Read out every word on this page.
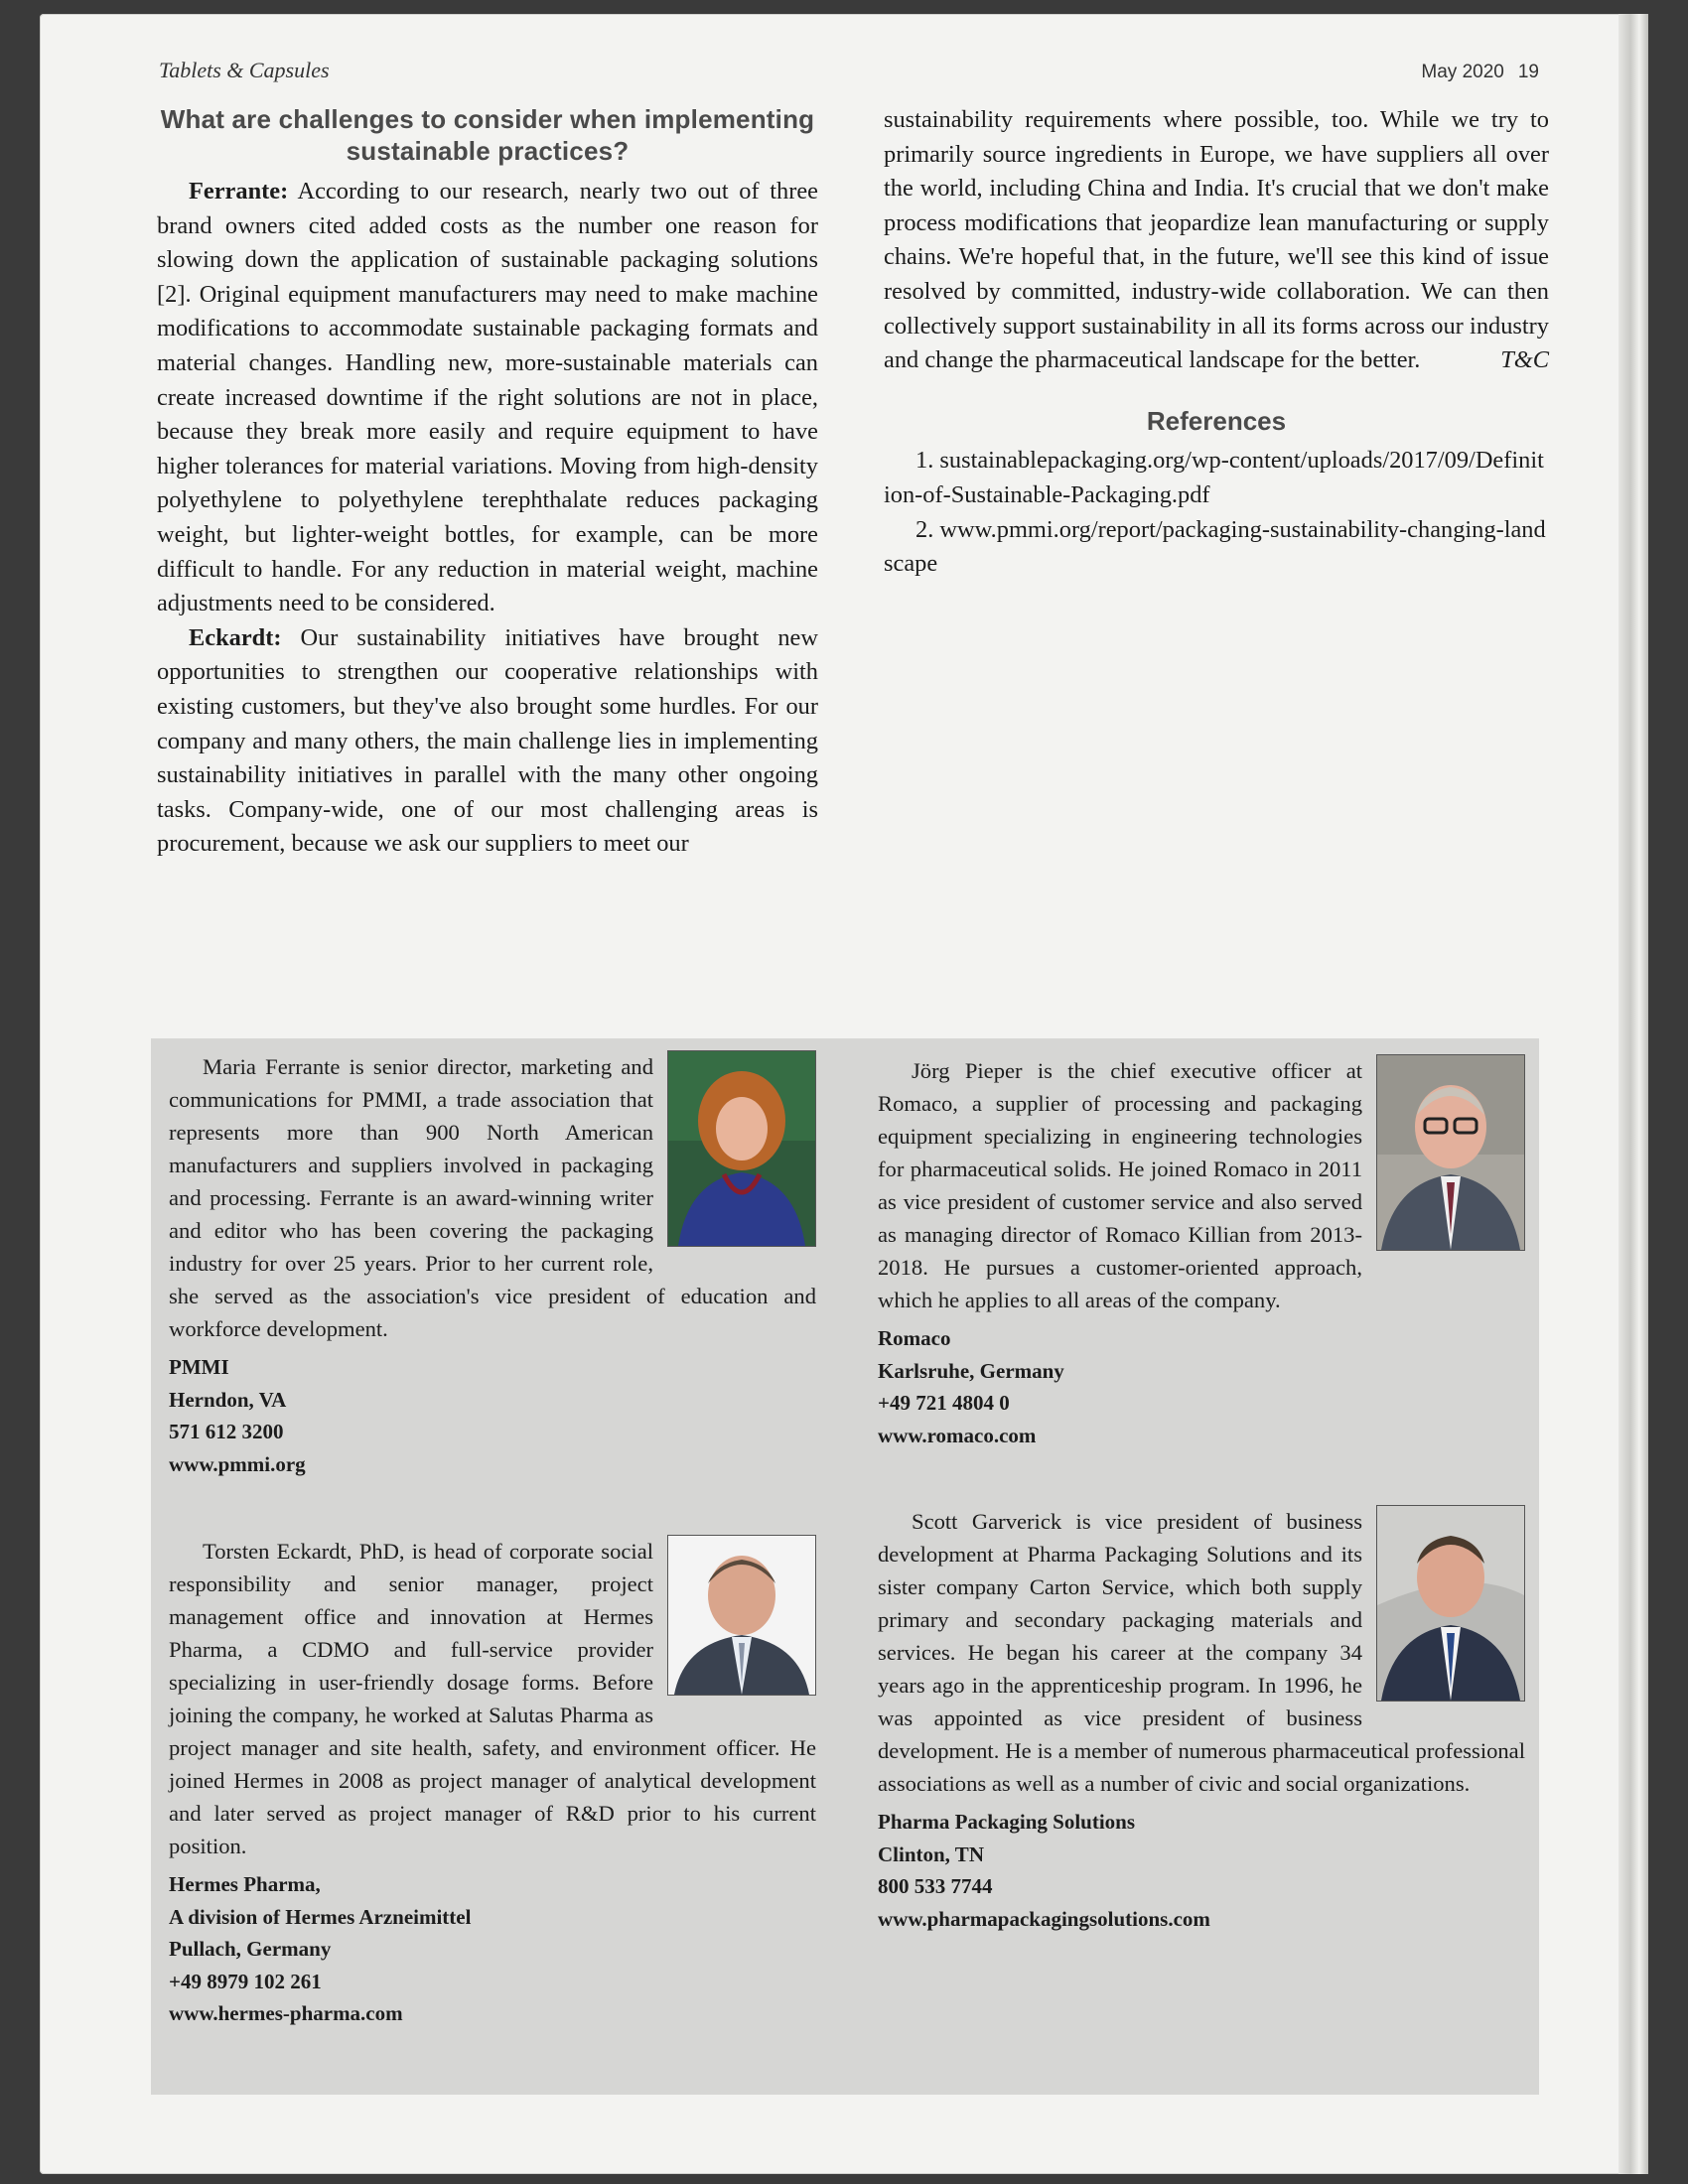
Tablets & Capsules	May 2020 19
What are challenges to consider when implementing sustainable practices?

Ferrante: According to our research, nearly two out of three brand owners cited added costs as the number one reason for slowing down the application of sustainable packaging solutions [2]. Original equipment manufacturers may need to make machine modifications to accommodate sustainable packaging formats and material changes. Handling new, more-sustainable materials can create increased downtime if the right solutions are not in place, because they break more easily and require equipment to have higher tolerances for material variations. Moving from high-density polyethylene to polyethylene terephthalate reduces packaging weight, but lighter-weight bottles, for example, can be more difficult to handle. For any reduction in material weight, machine adjustments need to be considered.

Eckardt: Our sustainability initiatives have brought new opportunities to strengthen our cooperative relationships with existing customers, but they've also brought some hurdles. For our company and many others, the main challenge lies in implementing sustainability initiatives in parallel with the many other ongoing tasks. Company-wide, one of our most challenging areas is procurement, because we ask our suppliers to meet our

sustainability requirements where possible, too. While we try to primarily source ingredients in Europe, we have suppliers all over the world, including China and India. It's crucial that we don't make process modifications that jeopardize lean manufacturing or supply chains. We're hopeful that, in the future, we'll see this kind of issue resolved by committed, industry-wide collaboration. We can then collectively support sustainability in all its forms across our industry and change the pharmaceutical landscape for the better.	T&C

References

1. sustainablepackaging.org/wp-content/uploads/2017/09/Definition-of-Sustainable-Packaging.pdf

2. www.pmmi.org/report/packaging-sustainability-changing-landscape

Maria Ferrante is senior director, marketing and communications for PMMI, a trade association that represents more than 900 North American manufacturers and suppliers involved in packaging and processing. Ferrante is an award-winning writer and editor who has been covering the packaging industry for over 25 years. Prior to her current role, she served as the association's vice president of education and workforce development.

PMMI
Herndon, VA
571 612 3200
www.pmmi.org

Torsten Eckardt, PhD, is head of corporate social responsibility and senior manager, project management office and innovation at Hermes Pharma, a CDMO and full-service provider specializing in user-friendly dosage forms. Before joining the company, he worked at Salutas Pharma as project manager and site health, safety, and environment officer. He joined Hermes in 2008 as project manager of analytical development and later served as project manager of R&D prior to his current position.

Hermes Pharma,
A division of Hermes Arzneimittel
Pullach, Germany
+49 8979 102 261
www.hermes-pharma.com

Jörg Pieper is the chief executive officer at Romaco, a supplier of processing and packaging equipment specializing in engineering technologies for pharmaceutical solids. He joined Romaco in 2011 as vice president of customer service and also served as managing director of Romaco Killian from 2013-2018. He pursues a customer-oriented approach, which he applies to all areas of the company.

Romaco
Karlsruhe, Germany
+49 721 4804 0
www.romaco.com

Scott Garverick is vice president of business development at Pharma Packaging Solutions and its sister company Carton Service, which both supply primary and secondary packaging materials and services. He began his career at the company 34 years ago in the apprenticeship program. In 1996, he was appointed as vice president of business development. He is a member of numerous pharmaceutical professional associations as well as a number of civic and social organizations.

Pharma Packaging Solutions
Clinton, TN
800 533 7744
www.pharmapackagingsolutions.com
